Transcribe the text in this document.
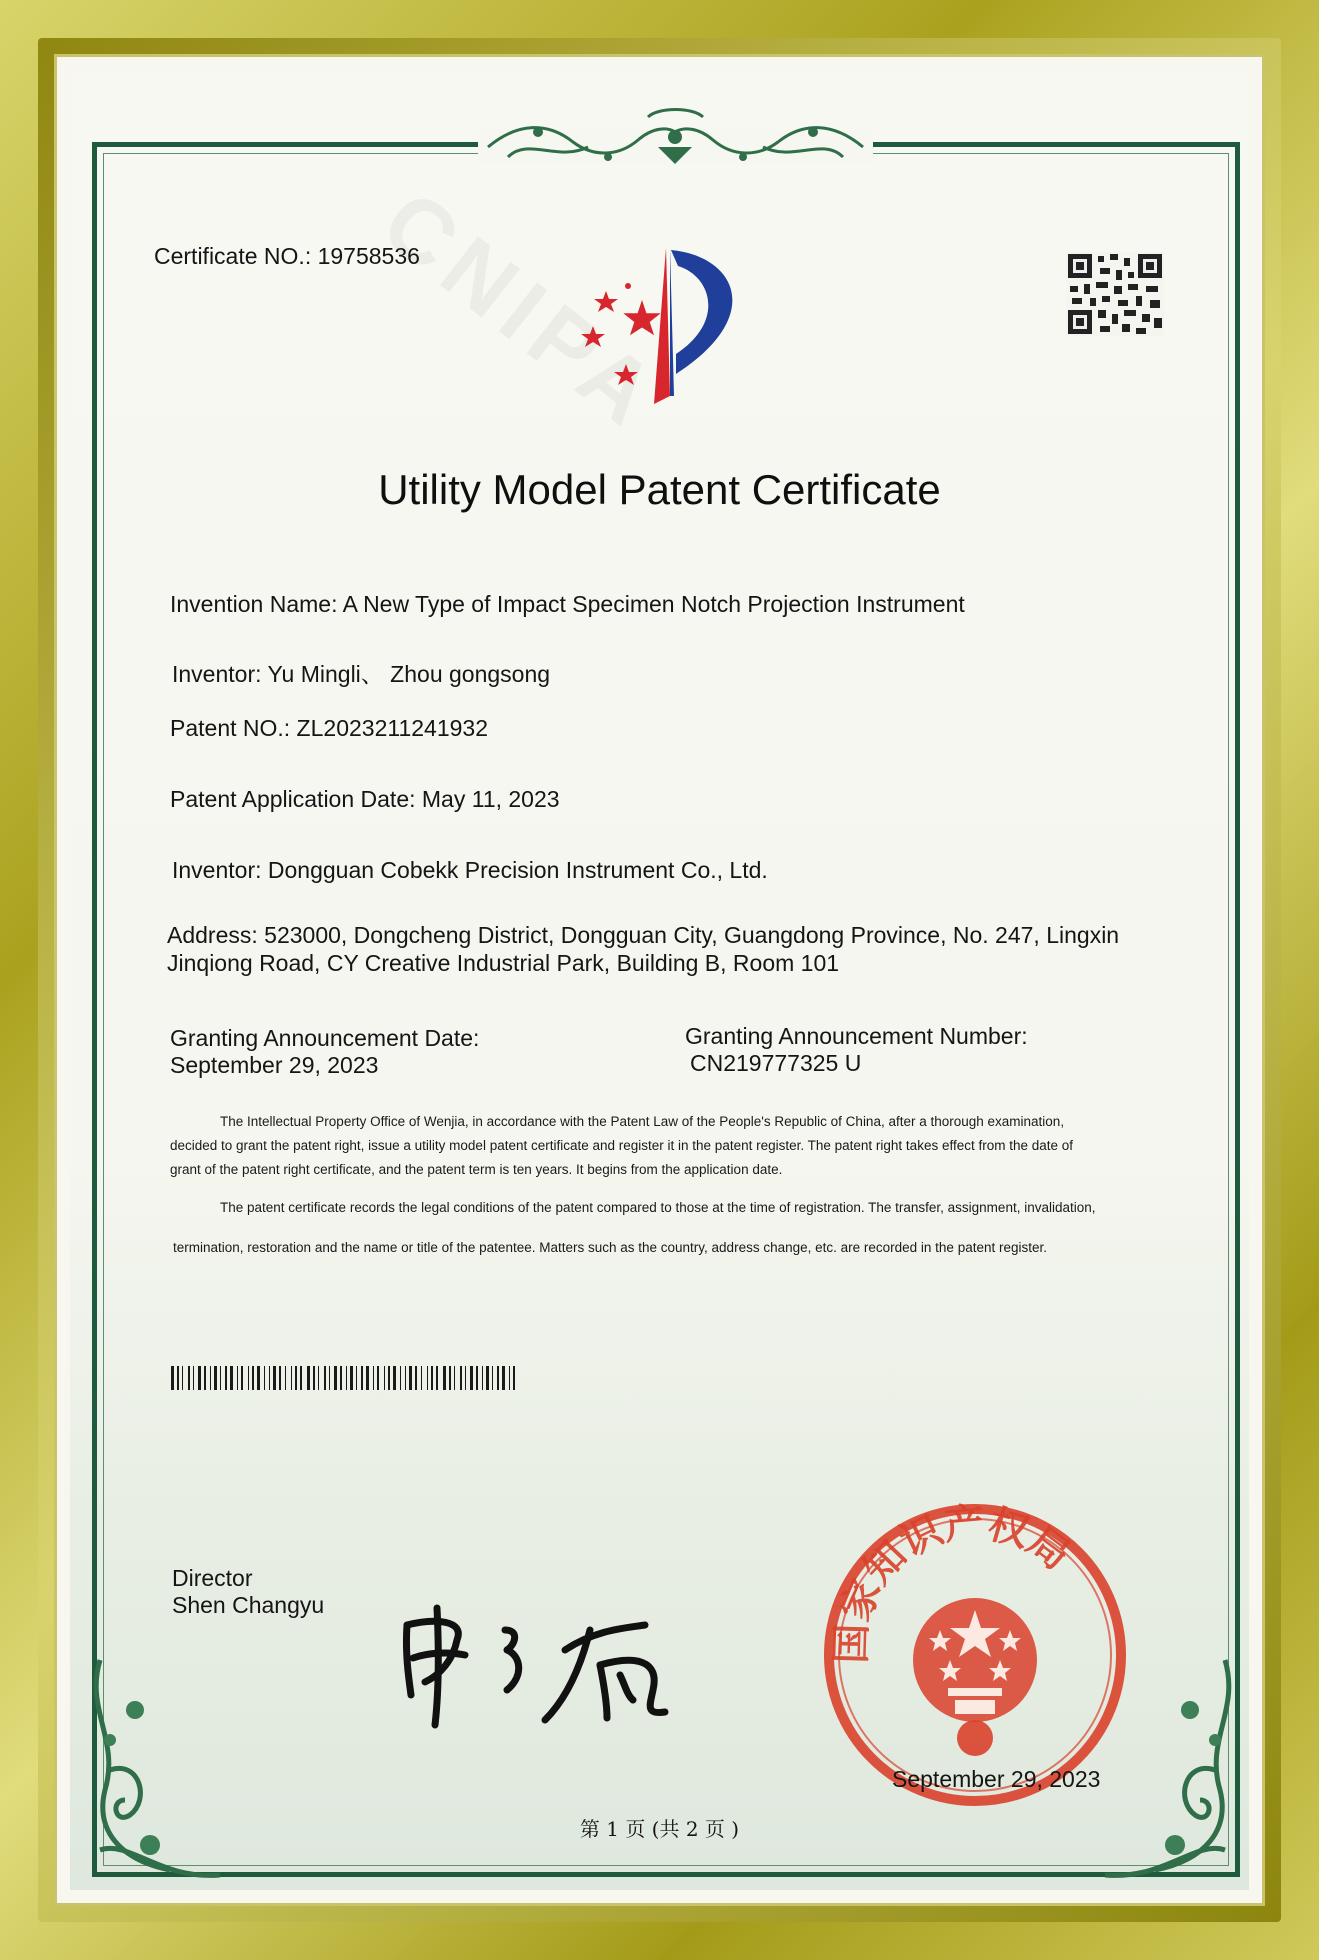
Certificate NO.: 19758536
Utility Model Patent Certificate
Invention Name: A New Type of Impact Specimen Notch Projection Instrument
Inventor: Yu Mingli、 Zhou gongsong
Patent NO.: ZL2023211241932
Patent Application Date: May 11, 2023
Inventor: Dongguan Cobekk Precision Instrument Co., Ltd.
Address: 523000, Dongcheng District, Dongguan City, Guangdong Province, No. 247, Lingxin
Jinqiong Road, CY Creative Industrial Park, Building B, Room 101
Granting Announcement Date:
September 29, 2023
Granting Announcement Number:
CN219777325 U
The Intellectual Property Office of Wenjia, in accordance with the Patent Law of the People's Republic of China, after a thorough examination,
decided to grant the patent right, issue a utility model patent certificate and register it in the patent register. The patent right takes effect from the date of
grant of the patent right certificate, and the patent term is ten years. It begins from the application date.
The patent certificate records the legal conditions of the patent compared to those at the time of registration. The transfer, assignment, invalidation,
termination, restoration and the name or title of the patentee. Matters such as the country, address change, etc. are recorded in the patent register.
Director
Shen Changyu
国家知识产权局
September 29, 2023
第 1 页 (共 2 页 )
